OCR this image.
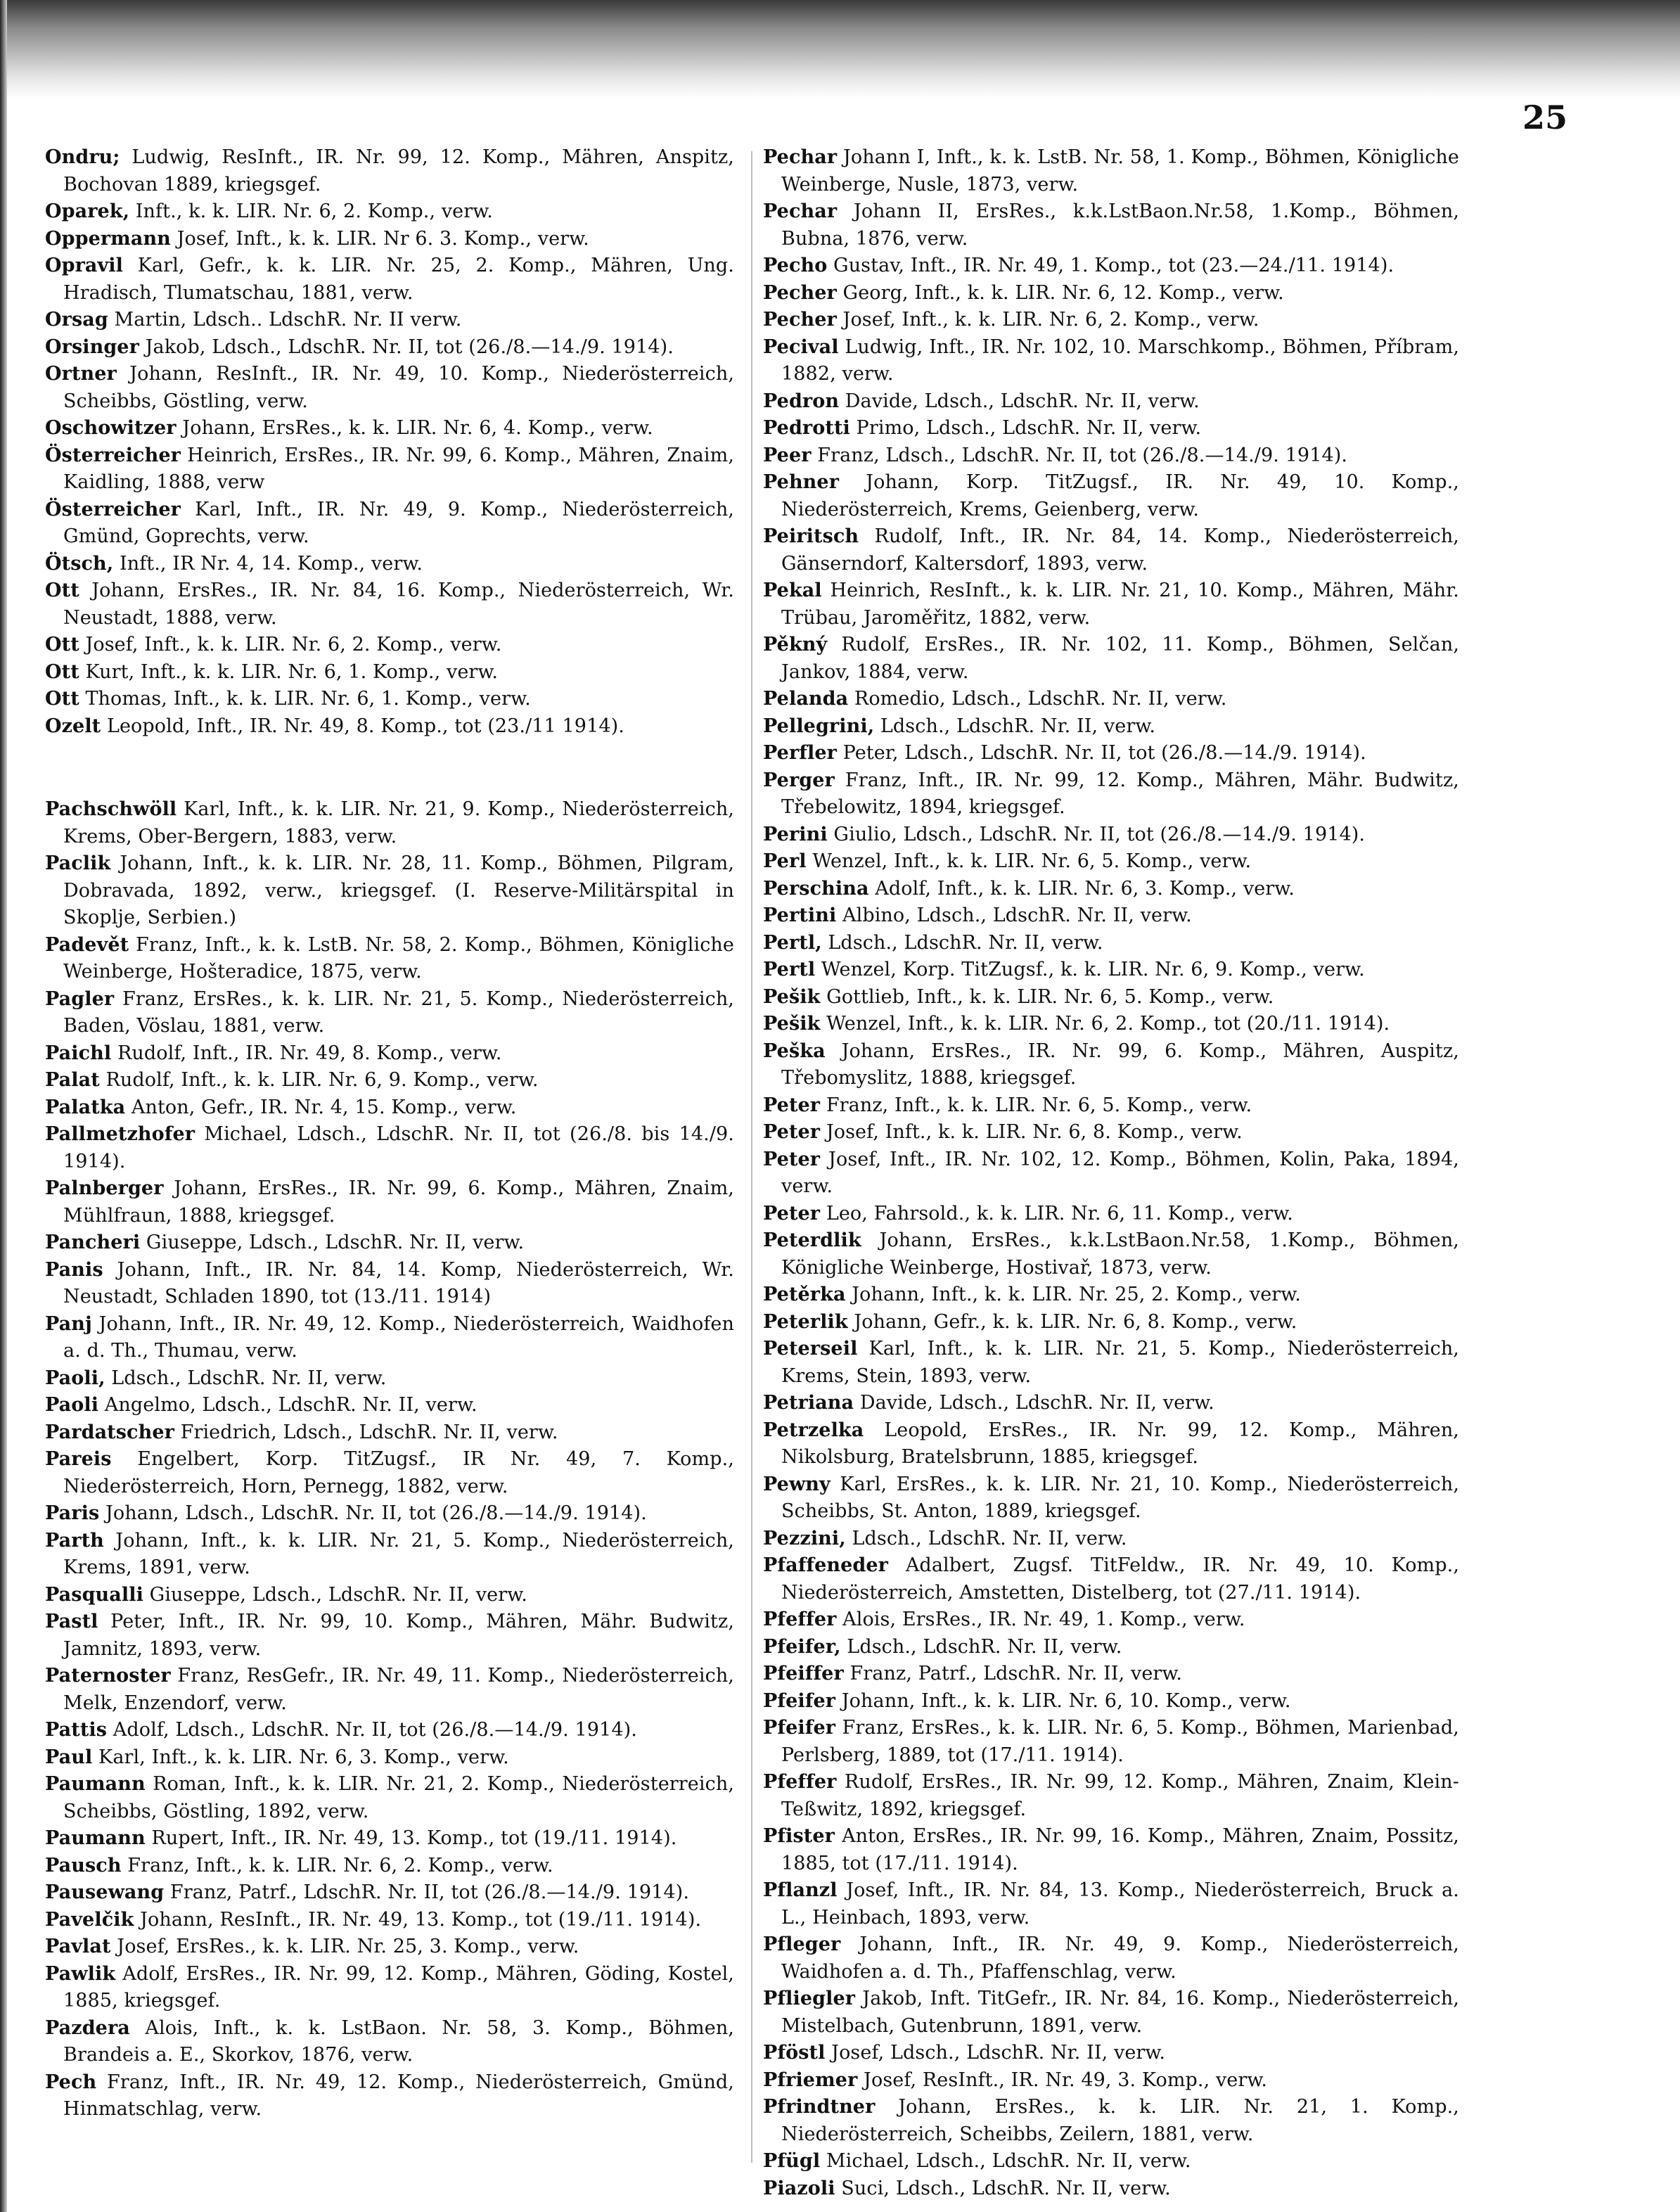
25

Ondru; Ludwig, ResInft., IR. Nr. 99, 12. Komp., Mähren, Anspitz, Bochovan 1889, kriegsgef.

Oparek, Inft., k. k. LIR. Nr. 6, 2. Komp., verw.

Oppermann Josef, Inft., k. k. LIR. Nr 6. 3. Komp., verw.

Opravil Karl, Gefr., k. k. LIR. Nr. 25, 2. Komp., Mähren, Ung. Hradisch, Tlumatschau, 1881, verw.

Orsag Martin, Ldsch.. LdschR. Nr. II verw.

Orsinger Jakob, Ldsch., LdschR. Nr. II, tot (26./8.—14./9. 1914).

Ortner Johann, ResInft., IR. Nr. 49, 10. Komp., Niederösterreich, Scheibbs, Göstling, verw.

Oschowitzer Johann, ErsRes., k. k. LIR. Nr. 6, 4. Komp., verw.

Österreicher Heinrich, ErsRes., IR. Nr. 99, 6. Komp., Mähren, Znaim, Kaidling, 1888, verw

Österreicher Karl, Inft., IR. Nr. 49, 9. Komp., Niederösterreich, Gmünd, Goprechts, verw.

Ötsch, Inft., IR Nr. 4, 14. Komp., verw.

Ott Johann, ErsRes., IR. Nr. 84, 16. Komp., Niederösterreich, Wr. Neustadt, 1888, verw.

Ott Josef, Inft., k. k. LIR. Nr. 6, 2. Komp., verw.

Ott Kurt, Inft., k. k. LIR. Nr. 6, 1. Komp., verw.

Ott Thomas, Inft., k. k. LIR. Nr. 6, 1. Komp., verw.

Ozelt Leopold, Inft., IR. Nr. 49, 8. Komp., tot (23./11 1914).

Pachschwöll Karl, Inft., k. k. LIR. Nr. 21, 9. Komp., Niederösterreich, Krems, Ober-Bergern, 1883, verw.

Paclik Johann, Inft., k. k. LIR. Nr. 28, 11. Komp., Böhmen, Pilgram, Dobravada, 1892, verw., kriegsgef. (I. Reserve-Militärspital in Skoplje, Serbien.)

Padevět Franz, Inft., k. k. LstB. Nr. 58, 2. Komp., Böhmen, Königliche Weinberge, Hošteradice, 1875, verw.

Pagler Franz, ErsRes., k. k. LIR. Nr. 21, 5. Komp., Niederösterreich, Baden, Vöslau, 1881, verw.

Paichl Rudolf, Inft., IR. Nr. 49, 8. Komp., verw.

Palat Rudolf, Inft., k. k. LIR. Nr. 6, 9. Komp., verw.

Palatka Anton, Gefr., IR. Nr. 4, 15. Komp., verw.

Pallmetzhofer Michael, Ldsch., LdschR. Nr. II, tot (26./8. bis 14./9. 1914).

Palnberger Johann, ErsRes., IR. Nr. 99, 6. Komp., Mähren, Znaim, Mühlfraun, 1888, kriegsgef.

Pancheri Giuseppe, Ldsch., LdschR. Nr. II, verw.

Panis Johann, Inft., IR. Nr. 84, 14. Komp, Niederösterreich, Wr. Neustadt, Schladen 1890, tot (13./11. 1914)

Panj Johann, Inft., IR. Nr. 49, 12. Komp., Niederösterreich, Waidhofen a. d. Th., Thumau, verw.

Paoli, Ldsch., LdschR. Nr. II, verw.

Paoli Angelmo, Ldsch., LdschR. Nr. II, verw.

Pardatscher Friedrich, Ldsch., LdschR. Nr. II, verw.

Pareis Engelbert, Korp. TitZugsf., IR Nr. 49, 7. Komp., Niederösterreich, Horn, Pernegg, 1882, verw.

Paris Johann, Ldsch., LdschR. Nr. II, tot (26./8.—14./9. 1914).

Parth Johann, Inft., k. k. LIR. Nr. 21, 5. Komp., Niederösterreich, Krems, 1891, verw.

Pasqualli Giuseppe, Ldsch., LdschR. Nr. II, verw.

Pastl Peter, Inft., IR. Nr. 99, 10. Komp., Mähren, Mähr. Budwitz, Jamnitz, 1893, verw.

Paternoster Franz, ResGefr., IR. Nr. 49, 11. Komp., Niederösterreich, Melk, Enzendorf, verw.

Pattis Adolf, Ldsch., LdschR. Nr. II, tot (26./8.—14./9. 1914).

Paul Karl, Inft., k. k. LIR. Nr. 6, 3. Komp., verw.

Paumann Roman, Inft., k. k. LIR. Nr. 21, 2. Komp., Niederösterreich, Scheibbs, Göstling, 1892, verw.

Paumann Rupert, Inft., IR. Nr. 49, 13. Komp., tot (19./11. 1914).

Pausch Franz, Inft., k. k. LIR. Nr. 6, 2. Komp., verw.

Pausewang Franz, Patrf., LdschR. Nr. II, tot (26./8.—14./9. 1914).

Pavelčik Johann, ResInft., IR. Nr. 49, 13. Komp., tot (19./11. 1914).

Pavlat Josef, ErsRes., k. k. LIR. Nr. 25, 3. Komp., verw.

Pawlik Adolf, ErsRes., IR. Nr. 99, 12. Komp., Mähren, Göding, Kostel, 1885, kriegsgef.

Pazdera Alois, Inft., k. k. LstBaon. Nr. 58, 3. Komp., Böhmen, Brandeis a. E., Skorkov, 1876, verw.

Pech Franz, Inft., IR. Nr. 49, 12. Komp., Niederösterreich, Gmünd, Hinmatschlag, verw.

Pechar Johann I, Inft., k. k. LstB. Nr. 58, 1. Komp., Böhmen, Königliche Weinberge, Nusle, 1873, verw.

Pechar Johann II, ErsRes., k.k.LstBaon.Nr.58, 1.Komp., Böhmen, Bubna, 1876, verw.

Pecho Gustav, Inft., IR. Nr. 49, 1. Komp., tot (23.—24./11. 1914).

Pecher Georg, Inft., k. k. LIR. Nr. 6, 12. Komp., verw.

Pecher Josef, Inft., k. k. LIR. Nr. 6, 2. Komp., verw.

Pecival Ludwig, Inft., IR. Nr. 102, 10. Marschkomp., Böhmen, Příbram, 1882, verw.

Pedron Davide, Ldsch., LdschR. Nr. II, verw.

Pedrotti Primo, Ldsch., LdschR. Nr. II, verw.

Peer Franz, Ldsch., LdschR. Nr. II, tot (26./8.—14./9. 1914).

Pehner Johann, Korp. TitZugsf., IR. Nr. 49, 10. Komp., Niederösterreich, Krems, Geienberg, verw.

Peiritsch Rudolf, Inft., IR. Nr. 84, 14. Komp., Niederösterreich, Gänserndorf, Kaltersdorf, 1893, verw.

Pekal Heinrich, ResInft., k. k. LIR. Nr. 21, 10. Komp., Mähren, Mähr. Trübau, Jaroměřitz, 1882, verw.

Pěkný Rudolf, ErsRes., IR. Nr. 102, 11. Komp., Böhmen, Selčan, Jankov, 1884, verw.

Pelanda Romedio, Ldsch., LdschR. Nr. II, verw.

Pellegrini, Ldsch., LdschR. Nr. II, verw.

Perfler Peter, Ldsch., LdschR. Nr. II, tot (26./8.—14./9. 1914).

Perger Franz, Inft., IR. Nr. 99, 12. Komp., Mähren, Mähr. Budwitz, Třebelowitz, 1894, kriegsgef.

Perini Giulio, Ldsch., LdschR. Nr. II, tot (26./8.—14./9. 1914).

Perl Wenzel, Inft., k. k. LIR. Nr. 6, 5. Komp., verw.

Perschina Adolf, Inft., k. k. LIR. Nr. 6, 3. Komp., verw.

Pertini Albino, Ldsch., LdschR. Nr. II, verw.

Pertl, Ldsch., LdschR. Nr. II, verw.

Pertl Wenzel, Korp. TitZugsf., k. k. LIR. Nr. 6, 9. Komp., verw.

Pešik Gottlieb, Inft., k. k. LIR. Nr. 6, 5. Komp., verw.

Pešik Wenzel, Inft., k. k. LIR. Nr. 6, 2. Komp., tot (20./11. 1914).

Peška Johann, ErsRes., IR. Nr. 99, 6. Komp., Mähren, Auspitz, Třebomyslitz, 1888, kriegsgef.

Peter Franz, Inft., k. k. LIR. Nr. 6, 5. Komp., verw.

Peter Josef, Inft., k. k. LIR. Nr. 6, 8. Komp., verw.

Peter Josef, Inft., IR. Nr. 102, 12. Komp., Böhmen, Kolin, Paka, 1894, verw.

Peter Leo, Fahrsold., k. k. LIR. Nr. 6, 11. Komp., verw.

Peterdlik Johann, ErsRes., k.k.LstBaon.Nr.58, 1.Komp., Böhmen, Königliche Weinberge, Hostivař, 1873, verw.

Petěrka Johann, Inft., k. k. LIR. Nr. 25, 2. Komp., verw.

Peterlik Johann, Gefr., k. k. LIR. Nr. 6, 8. Komp., verw.

Peterseil Karl, Inft., k. k. LIR. Nr. 21, 5. Komp., Niederösterreich, Krems, Stein, 1893, verw.

Petriana Davide, Ldsch., LdschR. Nr. II, verw.

Petrzelka Leopold, ErsRes., IR. Nr. 99, 12. Komp., Mähren, Nikolsburg, Bratelsbrunn, 1885, kriegsgef.

Pewny Karl, ErsRes., k. k. LIR. Nr. 21, 10. Komp., Niederösterreich, Scheibbs, St. Anton, 1889, kriegsgef.

Pezzini, Ldsch., LdschR. Nr. II, verw.

Pfaffeneder Adalbert, Zugsf. TitFeldw., IR. Nr. 49, 10. Komp., Niederösterreich, Amstetten, Distelberg, tot (27./11. 1914).

Pfeffer Alois, ErsRes., IR. Nr. 49, 1. Komp., verw.

Pfeifer, Ldsch., LdschR. Nr. II, verw.

Pfeiffer Franz, Patrf., LdschR. Nr. II, verw.

Pfeifer Johann, Inft., k. k. LIR. Nr. 6, 10. Komp., verw.

Pfeifer Franz, ErsRes., k. k. LIR. Nr. 6, 5. Komp., Böhmen, Marienbad, Perlsberg, 1889, tot (17./11. 1914).

Pfeffer Rudolf, ErsRes., IR. Nr. 99, 12. Komp., Mähren, Znaim, Klein-Teßwitz, 1892, kriegsgef.

Pfister Anton, ErsRes., IR. Nr. 99, 16. Komp., Mähren, Znaim, Possitz, 1885, tot (17./11. 1914).

Pflanzl Josef, Inft., IR. Nr. 84, 13. Komp., Niederösterreich, Bruck a. L., Heinbach, 1893, verw.

Pfleger Johann, Inft., IR. Nr. 49, 9. Komp., Niederösterreich, Waidhofen a. d. Th., Pfaffenschlag, verw.

Pfliegler Jakob, Inft. TitGefr., IR. Nr. 84, 16. Komp., Niederösterreich, Mistelbach, Gutenbrunn, 1891, verw.

Pföstl Josef, Ldsch., LdschR. Nr. II, verw.

Pfriemer Josef, ResInft., IR. Nr. 49, 3. Komp., verw.

Pfrindtner Johann, ErsRes., k. k. LIR. Nr. 21, 1. Komp., Niederösterreich, Scheibbs, Zeilern, 1881, verw.

Pfügl Michael, Ldsch., LdschR. Nr. II, verw.

Piazoli Suci, Ldsch., LdschR. Nr. II, verw.
